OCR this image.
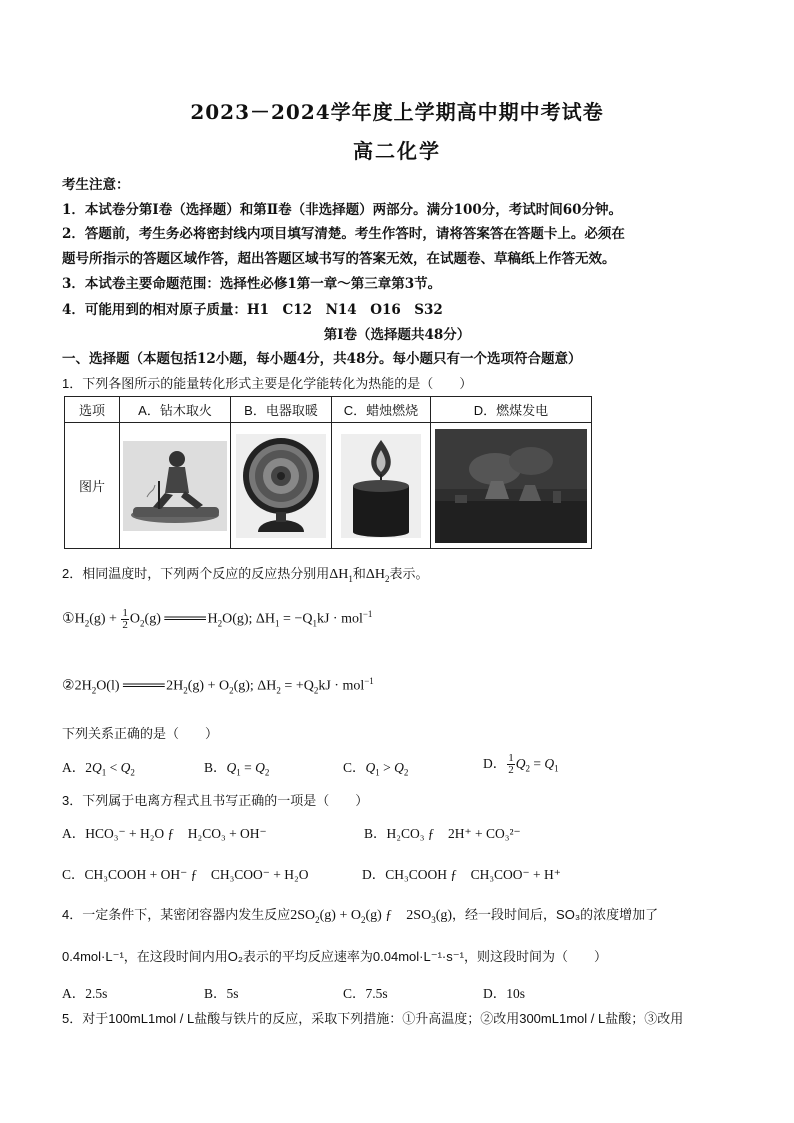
2023－2024学年度上学期高中期中考试卷
高二化学
考生注意：
1．本试卷分第Ⅰ卷（选择题）和第Ⅱ卷（非选择题）两部分。满分100分，考试时间60分钟。
2．答题前，考生务必将密封线内项目填写清楚。考生作答时，请将答案答在答题卡上。必须在
题号所指示的答题区域作答，超出答题区域书写的答案无效，在试题卷、草稿纸上作答无效。
3．本试卷主要命题范围：选择性必修1第一章～第三章第3节。
4．可能用到的相对原子质量：H1　C12　N14　O16　S32
第Ⅰ卷（选择题共48分）
一、选择题（本题包括12小题，每小题4分，共48分。每小题只有一个选项符合题意）
1．下列各图所示的能量转化形式主要是化学能转化为热能的是（　　）
选项	A．钻木取火	B．电器取暖	C．蜡烛燃烧	D．燃煤发电
图片	

2．相同温度时，下列两个反应的反应热分别用$\Delta H_1$和$\Delta H_2$表示。
$①H_2(g) + \frac{1}{2} O_2(g)$ ═════ $H_2O(g)$; $\Delta H_1 = -Q_1kJ \cdot mol^{-1}$
$②2H_2O(l)$ ═════ $2H_2(g) + O_2(g)$; $\Delta H_2 = +Q_2kJ \cdot mol^{-1}$
下列关系正确的是（　　）
A．$2Q_1 < Q_2$	B．$Q_1 = Q_2$	C．$Q_1 > Q_2$
D． $\frac{1}{2} Q_2 = Q_1$
3．下列属于电离方程式且书写正确的一项是（　　）
A．HCO₃⁻ + H₂O ƒ　H₂CO₃ + OH⁻	B．H₂CO₃ ƒ　2H⁺ + CO₃²⁻
C．CH₃COOH + OH⁻ ƒ　CH₃COO⁻ + H₂O	D．CH₃COOH ƒ　CH₃COO⁻ + H⁺
4．一定条件下，某密闭容器内发生反应$2SO_2(g) + O_2(g)$ ƒ　$2SO_3(g)$，经一段时间后，SO₃的浓度增加了
0.4mol·L⁻¹，在这段时间内用O₂表示的平均反应速率为0.04mol·L⁻¹·s⁻¹，则这段时间为（　　）
A．2.5s	B．5s	C．7.5s	D．10s
5．对于100mL1mol / L盐酸与铁片的反应，采取下列措施：①升高温度；②改用300mL1mol / L盐酸；③改用
